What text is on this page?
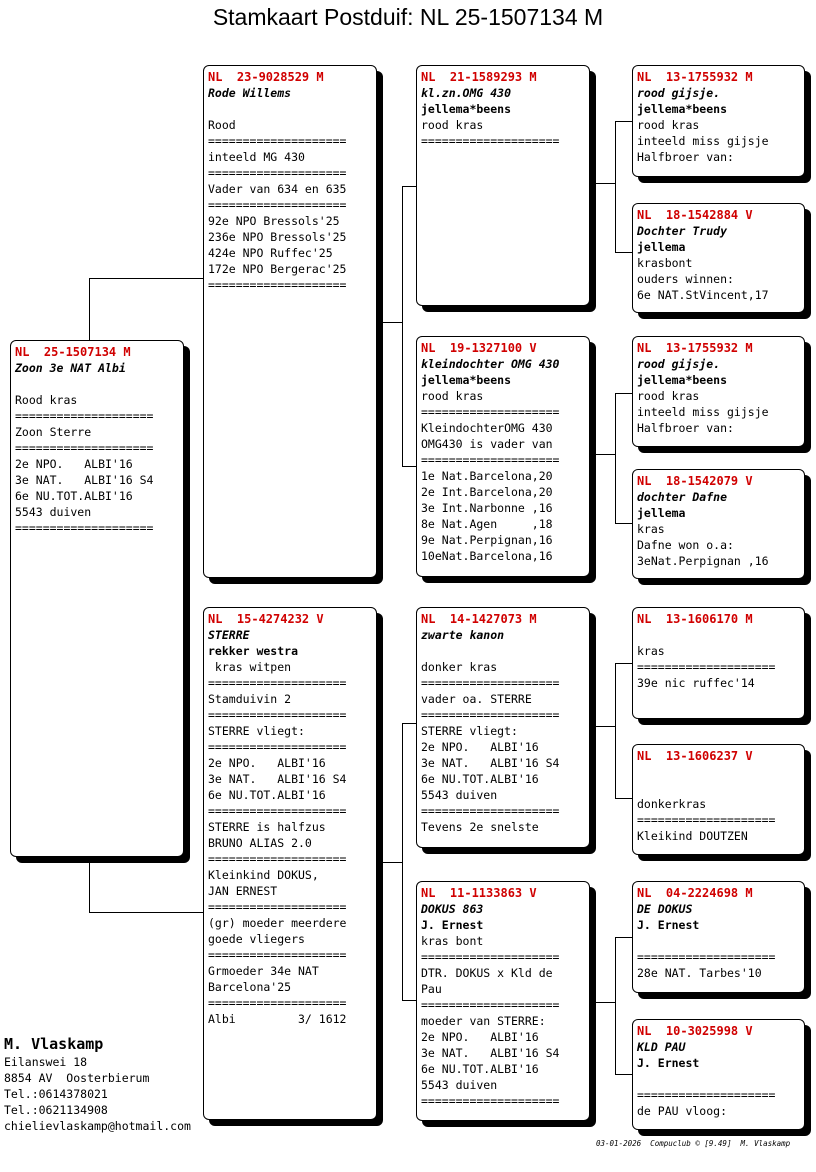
Stamkaart Postduif: NL 25-1507134 M
NL  25-1507134 M
Zoon 3e NAT Albi
Rood kras
====================
Zoon Sterre
====================
2e NPO.   ALBI'16
3e NAT.   ALBI'16 S4
6e NU.TOT.ALBI'16
5543 duiven
====================
NL  23-9028529 M
Rode Willems
Rood
====================
inteeld MG 430
====================
Vader van 634 en 635
====================
92e NPO Bressols'25
236e NPO Bressols'25
424e NPO Ruffec'25
172e NPO Bergerac'25
====================
NL  15-4274232 V
STERRE
rekker westra
kras witpen
====================
Stamduivin 2
====================
STERRE vliegt:
====================
2e NPO.   ALBI'16
3e NAT.   ALBI'16 S4
6e NU.TOT.ALBI'16
====================
STERRE is halfzus
BRUNO ALIAS 2.0
====================
Kleinkind DOKUS,
JAN ERNEST
====================
(gr) moeder meerdere
goede vliegers
====================
Grmoeder 34e NAT
Barcelona'25
====================
Albi         3/ 1612
NL  21-1589293 M
kl.zn.OMG 430
jellema*beens
rood kras
====================
NL  19-1327100 V
kleindochter OMG 430
jellema*beens
rood kras
====================
KleindochterOMG 430
OMG430 is vader van
====================
1e Nat.Barcelona,20
2e Int.Barcelona,20
3e Int.Narbonne ,16
8e Nat.Agen     ,18
9e Nat.Perpignan,16
10eNat.Barcelona,16
NL  14-1427073 M
zwarte kanon
donker kras
====================
vader oa. STERRE
====================
STERRE vliegt:
2e NPO.   ALBI'16
3e NAT.   ALBI'16 S4
6e NU.TOT.ALBI'16
5543 duiven
====================
Tevens 2e snelste
NL  11-1133863 V
DOKUS 863
J. Ernest
kras bont
====================
DTR. DOKUS x Kld de
Pau
====================
moeder van STERRE:
2e NPO.   ALBI'16
3e NAT.   ALBI'16 S4
6e NU.TOT.ALBI'16
5543 duiven
====================
NL  13-1755932 M
rood gijsje.
jellema*beens
rood kras
inteeld miss gijsje
Halfbroer van:
NL  18-1542884 V
Dochter Trudy
jellema
krasbont
ouders winnen:
6e NAT.StVincent,17
NL  13-1755932 M
rood gijsje.
jellema*beens
rood kras
inteeld miss gijsje
Halfbroer van:
NL  18-1542079 V
dochter Dafne
jellema
kras
Dafne won o.a:
3eNat.Perpignan ,16
NL  13-1606170 M
kras
====================
39e nic ruffec'14
NL  13-1606237 V
donkerkras
====================
Kleikind DOUTZEN
NL  04-2224698 M
DE DOKUS
J. Ernest
====================
28e NAT. Tarbes'10
NL  10-3025998 V
KLD PAU
J. Ernest
====================
de PAU vloog:
M. Vlaskamp
Eilanswei 18
8854 AV  Oosterbierum
Tel.:0614378021
Tel.:0621134908
chielievlaskamp@hotmail.com
03-01-2026  Compuclub © [9.49]  M. Vlaskamp
